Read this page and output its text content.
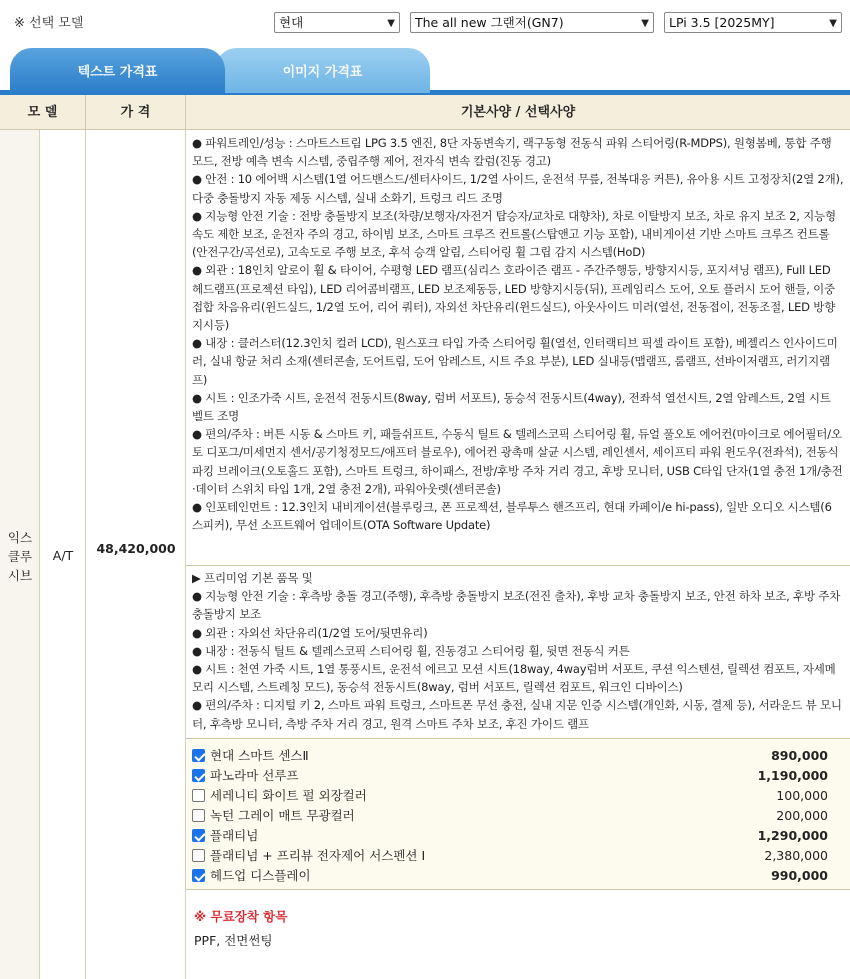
※ 선택 모델	현대	▼	The all new 그랜저(GN7)	▼	LPi 3.5 [2025MY]	▼
텍스트 가격표	이미지 가격표
모 델	가 격	기본사양 / 선택사양
익스
클루
시브
A/T	48,420,000

● 파워트레인/성능 : 스마트스트림 LPG 3.5 엔진, 8단 자동변속기, 랙구동형 전동식 파워 스티어링(R-MDPS), 원형봄베, 통합 주행 모드, 전방 예측 변속 시스템, 중립주행 제어, 전자식 변속 칼럼(진동 경고)

● 안전 : 10 에어백 시스템(1열 어드밴스드/센터사이드, 1/2열 사이드, 운전석 무릎, 전복대응 커튼), 유아용 시트 고정장치(2열 2개), 다중 충돌방지 자동 제동 시스템, 실내 소화기, 트렁크 리드 조명

● 지능형 안전 기술 : 전방 충돌방지 보조(차량/보행자/자전거 탑승자/교차로 대향차), 차로 이탈방지 보조, 차로 유지 보조 2, 지능형 속도 제한 보조, 운전자 주의 경고, 하이빔 보조, 스마트 크루즈 컨트롤(스탑앤고 기능 포함), 내비게이션 기반 스마트 크루즈 컨트롤(안전구간/곡선로), 고속도로 주행 보조, 후석 승객 알림, 스티어링 휠 그립 감지 시스템(HoD)

● 외관 : 18인치 알로이 휠 & 타이어, 수평형 LED 램프(심리스 호라이즌 램프 - 주간주행등, 방향지시등, 포지셔닝 램프), Full LED 헤드램프(프로젝션 타입), LED 리어콤비램프, LED 보조제동등, LED 방향지시등(뒤), 프레임리스 도어, 오토 플러시 도어 핸들, 이중접합 차음유리(윈드실드, 1/2열 도어, 리어 쿼터), 자외선 차단유리(윈드실드), 아웃사이드 미러(열선, 전동접이, 전동조절, LED 방향지시등)

● 내장 : 클러스터(12.3인치 컬러 LCD), 원스포크 타입 가죽 스티어링 휠(열선, 인터랙티브 픽셀 라이트 포함), 베젤리스 인사이드미러, 실내 항균 처리 소재(센터콘솔, 도어트림, 도어 암레스트, 시트 주요 부분), LED 실내등(맵램프, 룸램프, 선바이저램프, 러기지램프)

● 시트 : 인조가죽 시트, 운전석 전동시트(8way, 럼버 서포트), 동승석 전동시트(4way), 전좌석 열선시트, 2열 암레스트, 2열 시트 벨트 조명

● 편의/주차 : 버튼 시동 & 스마트 키, 패들쉬프트, 수동식 틸트 & 텔레스코픽 스티어링 휠, 듀얼 풀오토 에어컨(마이크로 에어필터/오토 디포그/미세먼지 센서/공기청정모드/애프터 블로우), 에어컨 광촉매 살균 시스템, 레인센서, 세이프티 파워 윈도우(전좌석), 전동식 파킹 브레이크(오토홀드 포함), 스마트 트렁크, 하이패스, 전방/후방 주차 거리 경고, 후방 모니터, USB C타입 단자(1열 충전 1개/충전·데이터 스위치 타입 1개, 2열 충전 2개), 파워아웃렛(센터콘솔)

● 인포테인먼트 : 12.3인치 내비게이션(블루링크, 폰 프로젝션, 블루투스 핸즈프리, 현대 카페이/e hi-pass), 일반 오디오 시스템(6 스피커), 무선 소프트웨어 업데이트(OTA Software Update)

▶ 프리미엄 기본 품목 및

● 지능형 안전 기술 : 후측방 충돌 경고(주행), 후측방 충돌방지 보조(전진 출차), 후방 교차 충돌방지 보조, 안전 하차 보조, 후방 주차 충돌방지 보조

● 외관 : 자외선 차단유리(1/2열 도어/뒷면유리)

● 내장 : 전동식 틸트 & 텔레스코픽 스티어링 휠, 진동경고 스티어링 휠, 뒷면 전동식 커튼

● 시트 : 천연 가죽 시트, 1열 통풍시트, 운전석 에르고 모션 시트(18way, 4way럼버 서포트, 쿠션 익스텐션, 릴렉션 컴포트, 자세메모리 시스템, 스트레칭 모드), 동승석 전동시트(8way, 럼버 서포트, 릴렉션 컴포트, 워크인 디바이스)

● 편의/주차 : 디지털 키 2, 스마트 파워 트렁크, 스마트폰 무선 충전, 실내 지문 인증 시스템(개인화, 시동, 결제 등), 서라운드 뷰 모니터, 후측방 모니터, 측방 주차 거리 경고, 원격 스마트 주차 보조, 후진 가이드 램프

현대 스마트 센스Ⅱ	890,000
파노라마 선루프	1,190,000
세레니티 화이트 펄 외장컬러	100,000
녹턴 그레이 매트 무광컬러	200,000
플래티넘	1,290,000
플래티넘 + 프리뷰 전자제어 서스펜션 Ⅰ	2,380,000
헤드업 디스플레이	990,000
※ 무료장착 항목
PPF, 전면썬팅
